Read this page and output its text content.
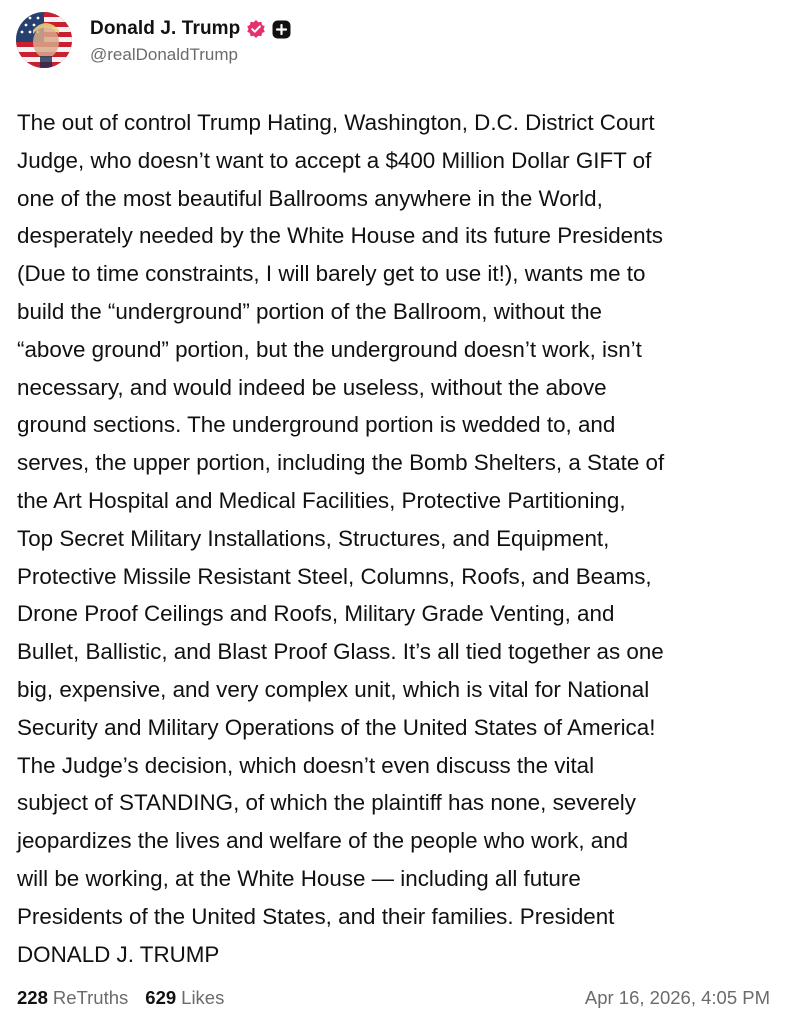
Donald J. Trump
@realDonaldTrump
The out of control Trump Hating, Washington, D.C. District Court
Judge, who doesn’t want to accept a $400 Million Dollar GIFT of
one of the most beautiful Ballrooms anywhere in the World,
desperately needed by the White House and its future Presidents
(Due to time constraints, I will barely get to use it!), wants me to
build the “underground” portion of the Ballroom, without the
“above ground” portion, but the underground doesn’t work, isn’t
necessary, and would indeed be useless, without the above
ground sections. The underground portion is wedded to, and
serves, the upper portion, including the Bomb Shelters, a State of
the Art Hospital and Medical Facilities, Protective Partitioning,
Top Secret Military Installations, Structures, and Equipment,
Protective Missile Resistant Steel, Columns, Roofs, and Beams,
Drone Proof Ceilings and Roofs, Military Grade Venting, and
Bullet, Ballistic, and Blast Proof Glass. It’s all tied together as one
big, expensive, and very complex unit, which is vital for National
Security and Military Operations of the United States of America!
The Judge’s decision, which doesn’t even discuss the vital
subject of STANDING, of which the plaintiff has none, severely
jeopardizes the lives and welfare of the people who work, and
will be working, at the White House — including all future
Presidents of the United States, and their families. President
DONALD J. TRUMP
228 ReTruths 629 Likes	Apr 16, 2026, 4:05 PM
